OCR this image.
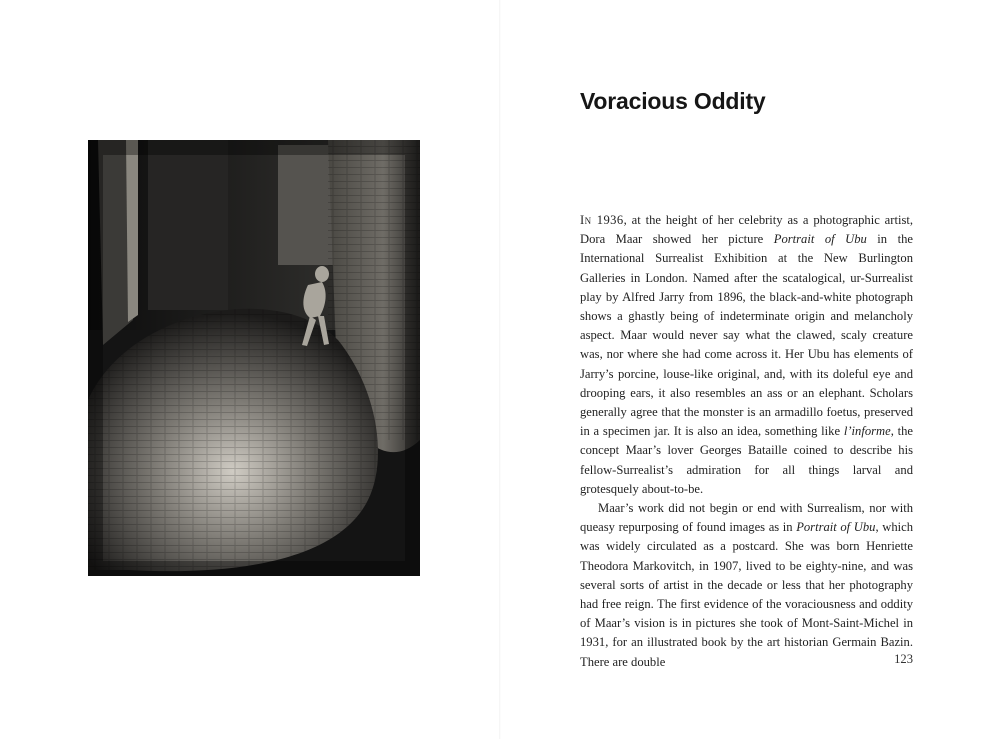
Voracious Oddity

In 1936, at the height of her celebrity as a photographic artist, Dora Maar showed her picture Portrait of Ubu in the International Surrealist Exhibition at the New Burlington Galleries in London. Named after the scatalogical, ur-Surrealist play by Alfred Jarry from 1896, the black-and-white photograph shows a ghastly being of indeterminate origin and melancholy aspect. Maar would never say what the clawed, scaly creature was, nor where she had come across it. Her Ubu has elements of Jarry’s porcine, louse-like original, and, with its doleful eye and drooping ears, it also resembles an ass or an elephant. Scholars generally agree that the monster is an armadillo foetus, preserved in a specimen jar. It is also an idea, something like l’informe, the concept Maar’s lover Georges Bataille coined to describe his fellow-Surrealist’s admiration for all things larval and grotesquely about-to-be.

Maar’s work did not begin or end with Surrealism, nor with queasy repurposing of found images as in Portrait of Ubu, which was widely circulated as a postcard. She was born Henriette Theodora Markovitch, in 1907, lived to be eighty-nine, and was several sorts of artist in the decade or less that her photography had free reign. The first evidence of the voraciousness and oddity of Maar’s vision is in pictures she took of Mont-Saint-Michel in 1931, for an illustrated book by the art historian Germain Bazin. There are double	123
